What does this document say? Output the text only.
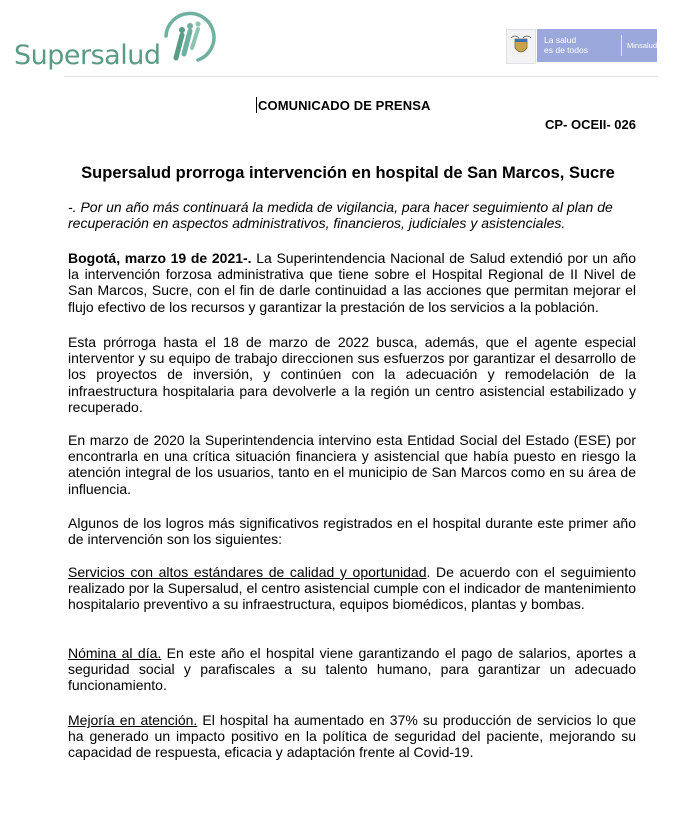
Supersalud	La salud
es de todos	Minsalud
COMUNICADO DE PRENSA
CP- OCEII- 026
Supersalud prorroga intervención en hospital de San Marcos, Sucre
-. Por un año más continuará la medida de vigilancia, para hacer seguimiento al plan de recuperación en aspectos administrativos, financieros, judiciales y asistenciales.
Bogotá, marzo 19 de 2021-. La Superintendencia Nacional de Salud extendió por un año la intervención forzosa administrativa que tiene sobre el Hospital Regional de II Nivel de San Marcos, Sucre, con el fin de darle continuidad a las acciones que permitan mejorar el flujo efectivo de los recursos y garantizar la prestación de los servicios a la población.
Esta prórroga hasta el 18 de marzo de 2022 busca, además, que el agente especial interventor y su equipo de trabajo direccionen sus esfuerzos por garantizar el desarrollo de los proyectos de inversión, y continúen con la adecuación y remodelación de la infraestructura hospitalaria para devolverle a la región un centro asistencial estabilizado y recuperado.
En marzo de 2020 la Superintendencia intervino esta Entidad Social del Estado (ESE) por encontrarla en una crítica situación financiera y asistencial que había puesto en riesgo la atención integral de los usuarios, tanto en el municipio de San Marcos como en su área de influencia.
Algunos de los logros más significativos registrados en el hospital durante este primer año de intervención son los siguientes:
Servicios con altos estándares de calidad y oportunidad. De acuerdo con el seguimiento realizado por la Supersalud, el centro asistencial cumple con el indicador de mantenimiento hospitalario preventivo a su infraestructura, equipos biomédicos, plantas y bombas.
Nómina al día. En este año el hospital viene garantizando el pago de salarios, aportes a seguridad social y parafiscales a su talento humano, para garantizar un adecuado funcionamiento.
Mejoría en atención. El hospital ha aumentado en 37% su producción de servicios lo que ha generado un impacto positivo en la política de seguridad del paciente, mejorando su capacidad de respuesta, eficacia y adaptación frente al Covid-19.
